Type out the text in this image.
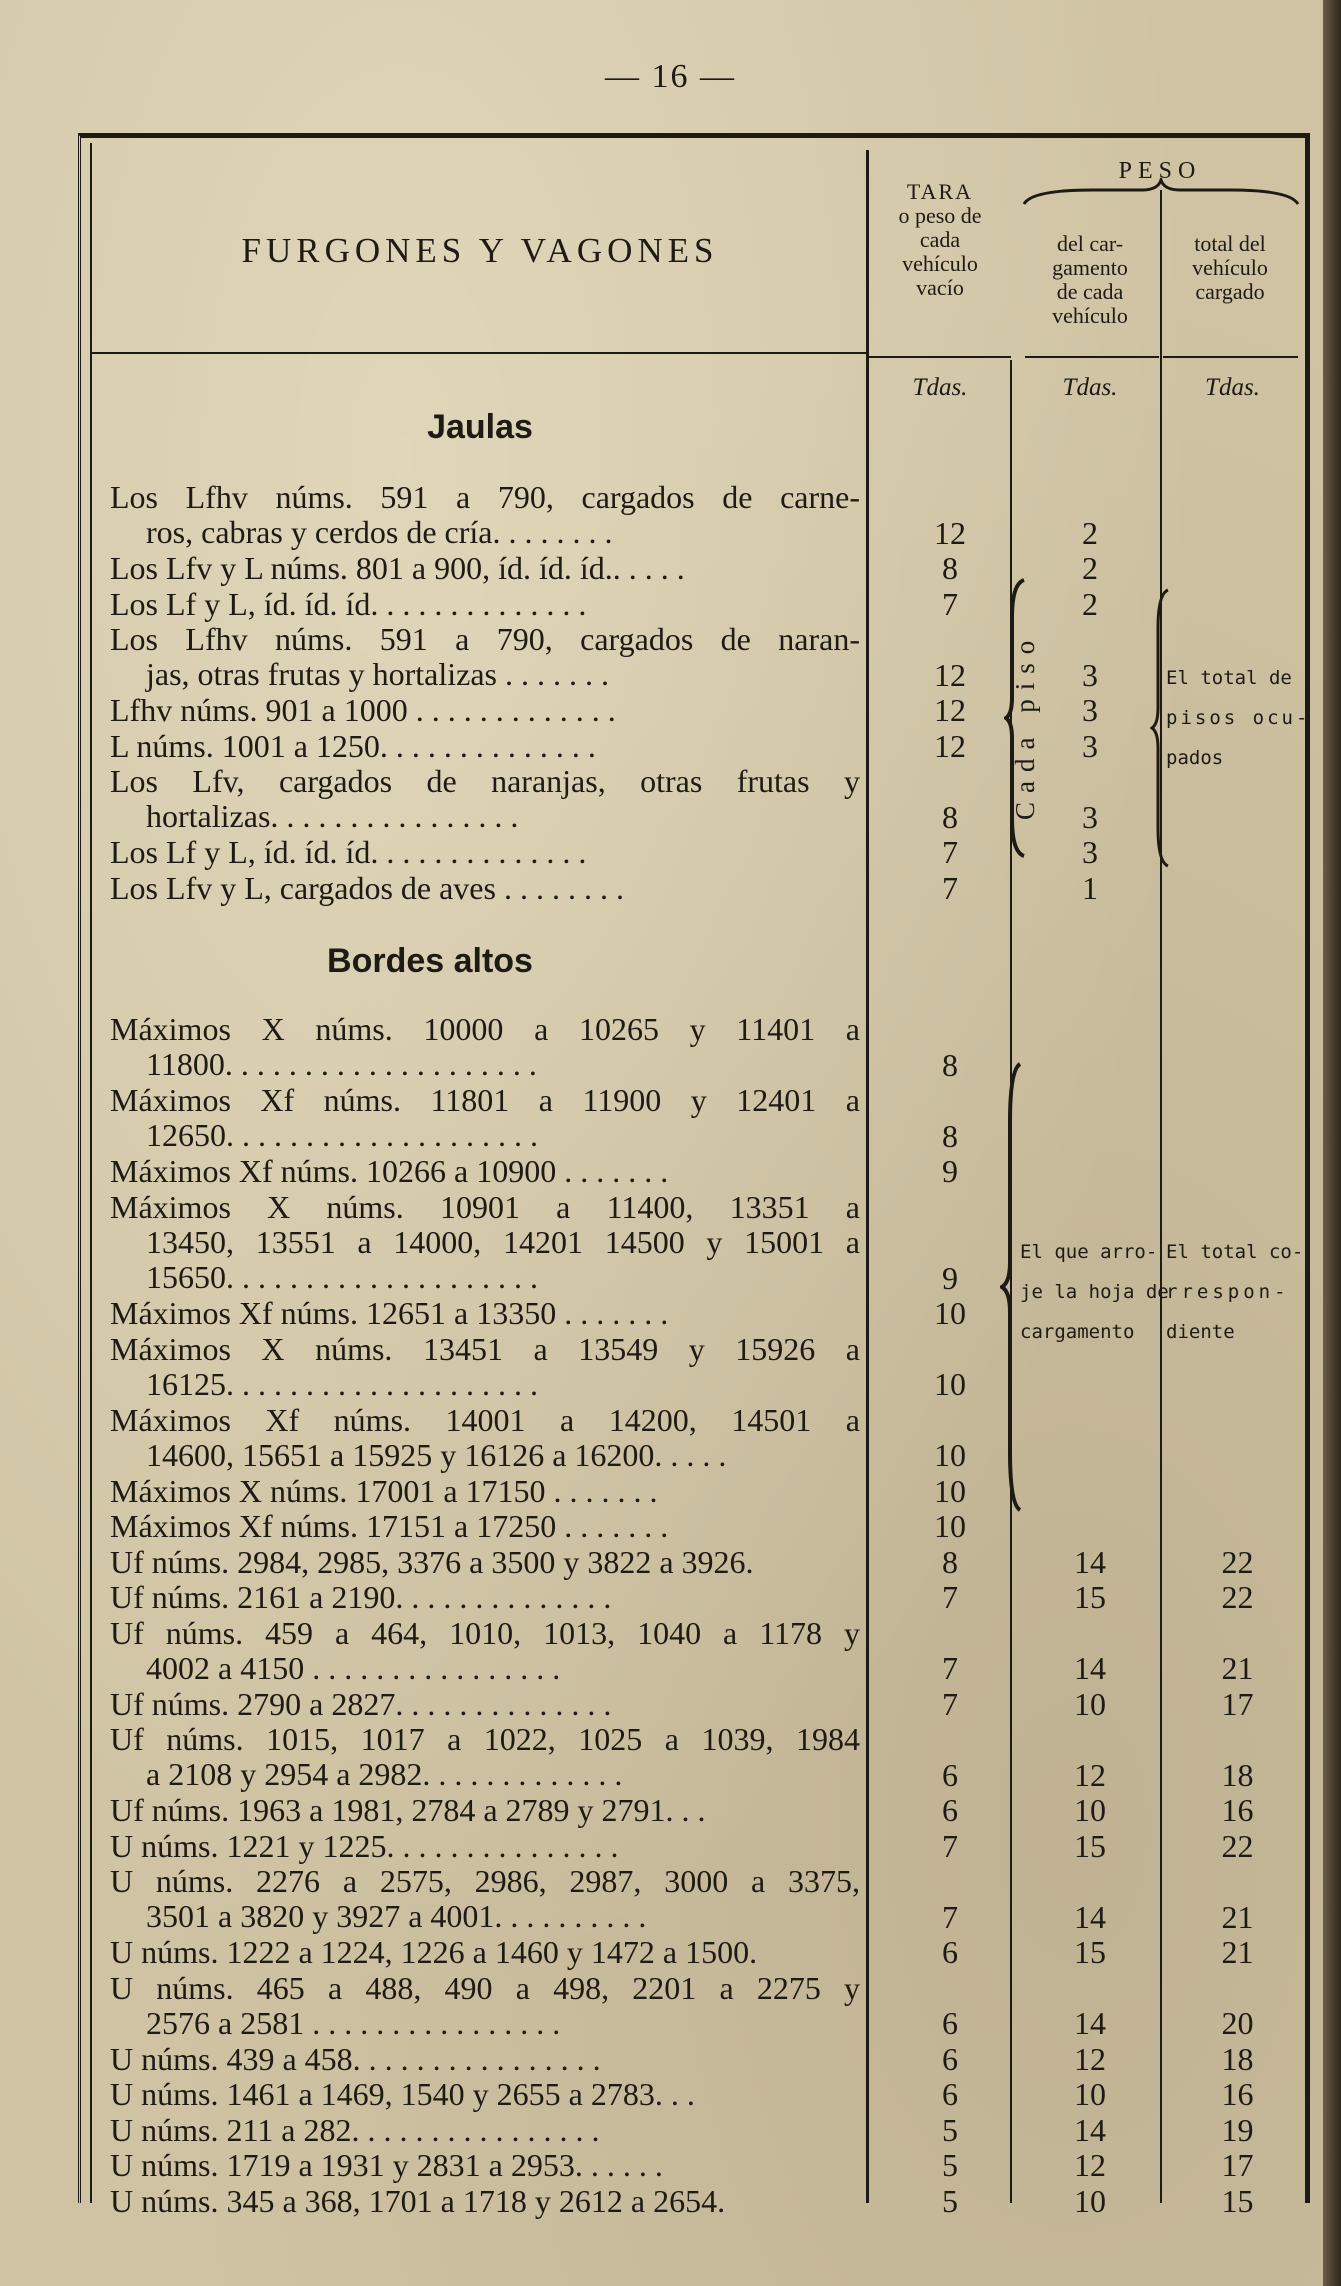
— 16 —
FURGONES Y VAGONES
TARA
o peso de
cada
vehículo
vacío
PESO
del car-
gamento
de cada
vehículo
total del
vehículo
cargado
Tdas.	Tdas.	Tdas.
Jaulas
Bordes altos
Cada piso	El total de
pisos ocu-
pados
El que arro-
je la hoja de
cargamento
El total co-
rrespon-
diente
Los Lfhv núms. 591 a 790, cargados de carne-
ros, cabras y cerdos de cría. . . . . . . .	12	2
Los Lfv y L núms. 801 a 900, íd. íd. íd.. . . . .	8	2
Los Lf y L, íd. íd. íd. . . . . . . . . . . . . .	7	2
Los Lfhv núms. 591 a 790, cargados de naran-
jas, otras frutas y hortalizas . . . . . . .	12	3
Lfhv núms. 901 a 1000 . . . . . . . . . . . . .	12	3
L núms. 1001 a 1250. . . . . . . . . . . . . .	12	3
Los Lfv, cargados de naranjas, otras frutas y
hortalizas. . . . . . . . . . . . . . . .	8	3
Los Lf y L, íd. íd. íd. . . . . . . . . . . . . .	7	3
Los Lfv y L, cargados de aves . . . . . . . .	7	1
Máximos X núms. 10000 a 10265 y 11401 a
11800. . . . . . . . . . . . . . . . . . . .	8
Máximos Xf núms. 11801 a 11900 y 12401 a
12650. . . . . . . . . . . . . . . . . . . .	8
Máximos Xf núms. 10266 a 10900 . . . . . . .	9
Máximos X núms. 10901 a 11400, 13351 a
13450, 13551 a 14000, 14201 14500 y 15001 a
15650. . . . . . . . . . . . . . . . . . . .	9
Máximos Xf núms. 12651 a 13350 . . . . . . .	10
Máximos X núms. 13451 a 13549 y 15926 a
16125. . . . . . . . . . . . . . . . . . . .	10
Máximos Xf núms. 14001 a 14200, 14501 a
14600, 15651 a 15925 y 16126 a 16200. . . . .	10
Máximos X núms. 17001 a 17150 . . . . . . .	10
Máximos Xf núms. 17151 a 17250 . . . . . . .	10
Uf núms. 2984, 2985, 3376 a 3500 y 3822 a 3926.	8	14	22
Uf núms. 2161 a 2190. . . . . . . . . . . . . .	7	15	22
Uf núms. 459 a 464, 1010, 1013, 1040 a 1178 y
4002 a 4150 . . . . . . . . . . . . . . . .	7	14	21
Uf núms. 2790 a 2827. . . . . . . . . . . . . .	7	10	17
Uf núms. 1015, 1017 a 1022, 1025 a 1039, 1984
a 2108 y 2954 a 2982. . . . . . . . . . . . .	6	12	18
Uf núms. 1963 a 1981, 2784 a 2789 y 2791. . .	6	10	16
U núms. 1221 y 1225. . . . . . . . . . . . . . .	7	15	22
U núms. 2276 a 2575, 2986, 2987, 3000 a 3375,
3501 a 3820 y 3927 a 4001. . . . . . . . . .	7	14	21
U núms. 1222 a 1224, 1226 a 1460 y 1472 a 1500.	6	15	21
U núms. 465 a 488, 490 a 498, 2201 a 2275 y
2576 a 2581 . . . . . . . . . . . . . . . .	6	14	20
U núms. 439 a 458. . . . . . . . . . . . . . . .	6	12	18
U núms. 1461 a 1469, 1540 y 2655 a 2783. . .	6	10	16
U núms. 211 a 282. . . . . . . . . . . . . . . .	5	14	19
U núms. 1719 a 1931 y 2831 a 2953. . . . . .	5	12	17
U núms. 345 a 368, 1701 a 1718 y 2612 a 2654.	5	10	15
